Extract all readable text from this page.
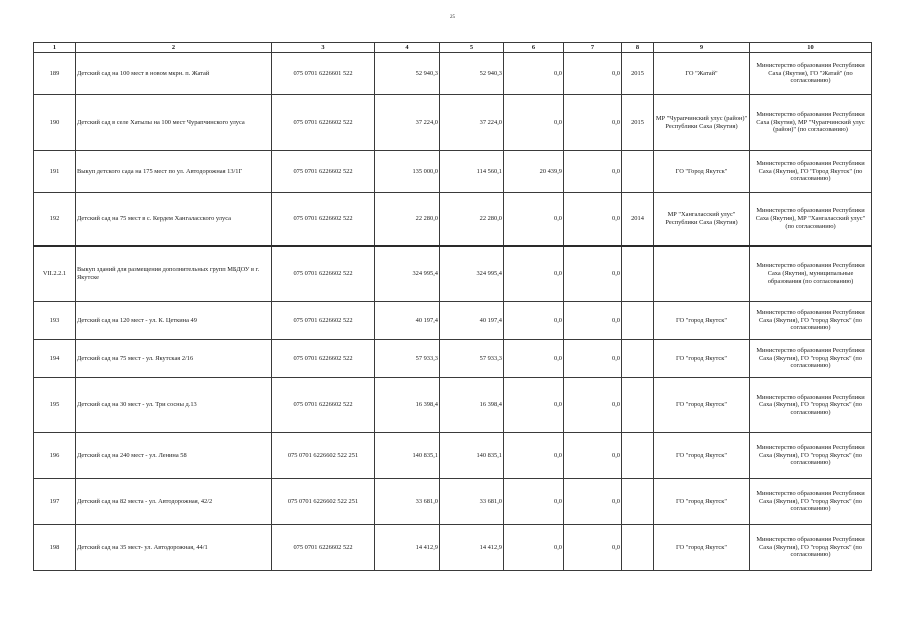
25
1	2	3	4	5	6	7	8	9	10
189	Детский сад на 100 мест в новом мкрн. п. Жатай	075 0701 6226601 522	52 940,3	52 940,3	0,0	0,0	2015	ГО "Жатай"	Министерство образования Республики Саха (Якутия), ГО "Жатай" (по согласованию)
190	Детский сад в селе Хатылы на 100 мест Чурапчинского улуса	075 0701 6226602 522	37 224,0	37 224,0	0,0	0,0	2015	МР "Чурапчинский улус (район)" Республики Саха (Якутия)	Министерство образования Республики Саха (Якутия), МР "Чурапчинский улус (район)" (по согласованию)
191	Выкуп детского сада на 175 мест по ул. Автодорожная 13/1Г	075 0701 6226602 522	135 000,0	114 560,1	20 439,9	0,0		ГО "Город Якутск"	Министерство образования Республики Саха (Якутия), ГО "Город Якутск" (по согласованию)
192	Детский сад на 75 мест в с. Кердем Хангаласского улуса	075 0701 6226602 522	22 280,0	22 280,0	0,0	0,0	2014	МР "Хангаласский улус" Республики Саха (Якутия)	Министерство образования Республики Саха (Якутия), МР "Хангаласский улус" (по согласованию)
VII.2.2.1	Выкуп зданий для размещения дополнительных групп МБДОУ в г. Якутске	075 0701 6226602 522	324 995,4	324 995,4	0,0	0,0			Министерство образования Республики Саха (Якутия), муниципальные образования (по согласованию)
193	Детский сад на 120 мест - ул. К. Цеткина 49	075 0701 6226602 522	40 197,4	40 197,4	0,0	0,0		ГО "город Якутск"	Министерство образования Республики Саха (Якутия), ГО "город Якутск" (по согласованию)
194	Детский сад на 75 мест - ул. Якутская 2/16	075 0701 6226602 522	57 933,3	57 933,3	0,0	0,0		ГО "город Якутск"	Министерство образования Республики Саха (Якутия), ГО "город Якутск" (по согласованию)
195	Детский сад на 30 мест - ул. Три сосны д.13	075 0701 6226602 522	16 398,4	16 398,4	0,0	0,0		ГО "город Якутск"	Министерство образования Республики Саха (Якутия), ГО "город Якутск" (по согласованию)
196	Детский сад на 240 мест - ул. Ленина 58	075 0701 6226602 522 251	140 835,1	140 835,1	0,0	0,0		ГО "город Якутск"	Министерство образования Республики Саха (Якутия), ГО "город Якутск" (по согласованию)
197	Детский сад на 82 места - ул. Автодорожная, 42/2	075 0701 6226602 522 251	33 681,0	33 681,0	0,0	0,0		ГО "город Якутск"	Министерство образования Республики Саха (Якутия), ГО "город Якутск" (по согласованию)
198	Детский сад на 35 мест- ул. Автодорожная, 44/1	075 0701 6226602 522	14 412,9	14 412,9	0,0	0,0		ГО "город Якутск"	Министерство образования Республики Саха (Якутия), ГО "город Якутск" (по согласованию)
